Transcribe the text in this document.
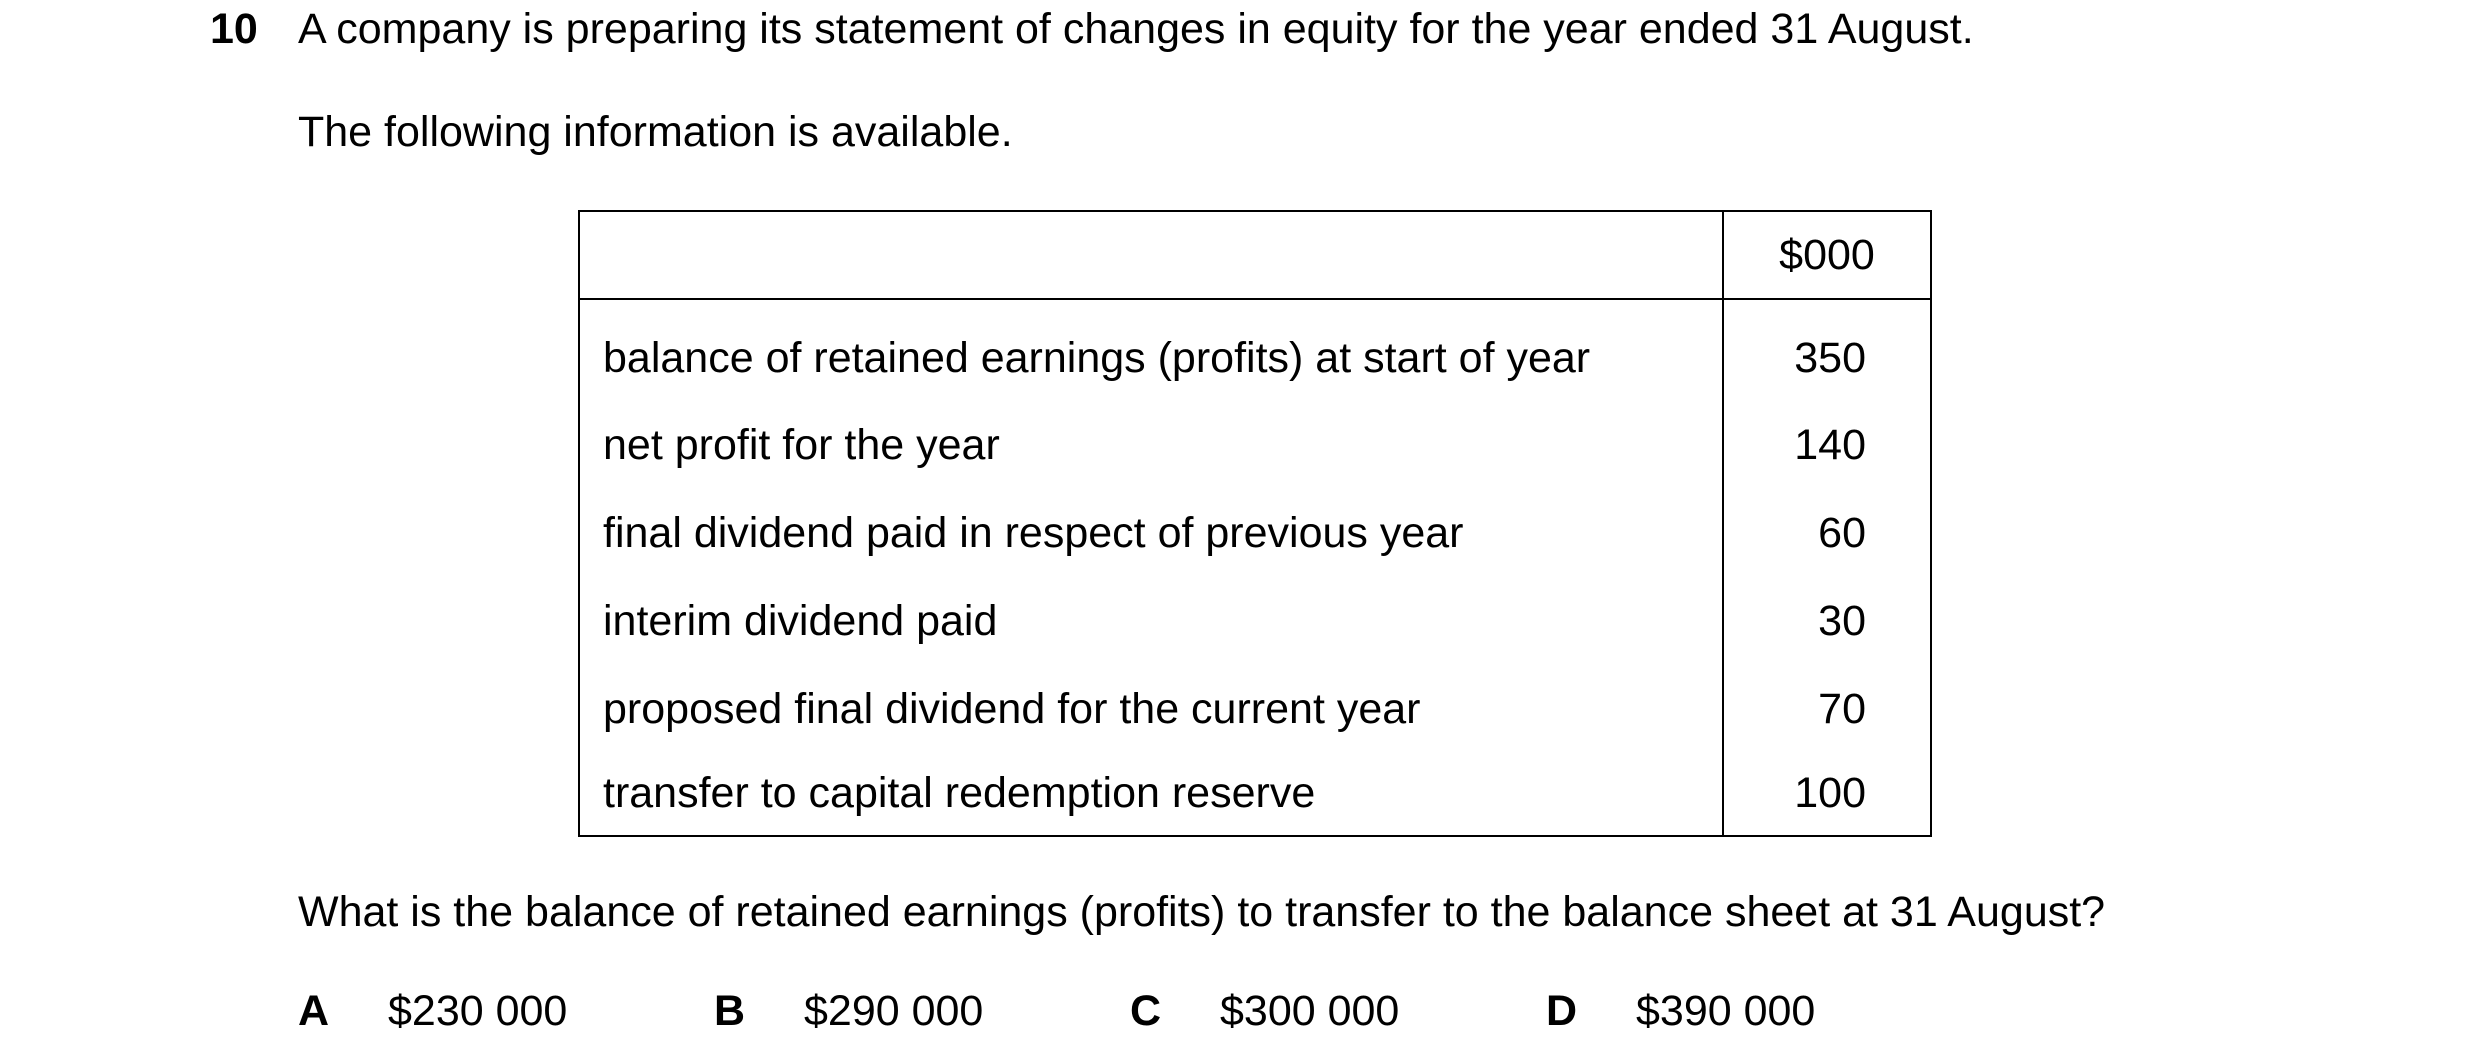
10 A company is preparing its statement of changes in equity for the year ended 31 August.
The following information is available.
	$000
balance of retained earnings (profits) at start of year	350
net profit for the year	140
final dividend paid in respect of previous year	60
interim dividend paid	30
proposed final dividend for the current year	70
transfer to capital redemption reserve	100
What is the balance of retained earnings (profits) to transfer to the balance sheet at 31 August?
A $230 000	B $290 000	C $300 000	D $390 000
